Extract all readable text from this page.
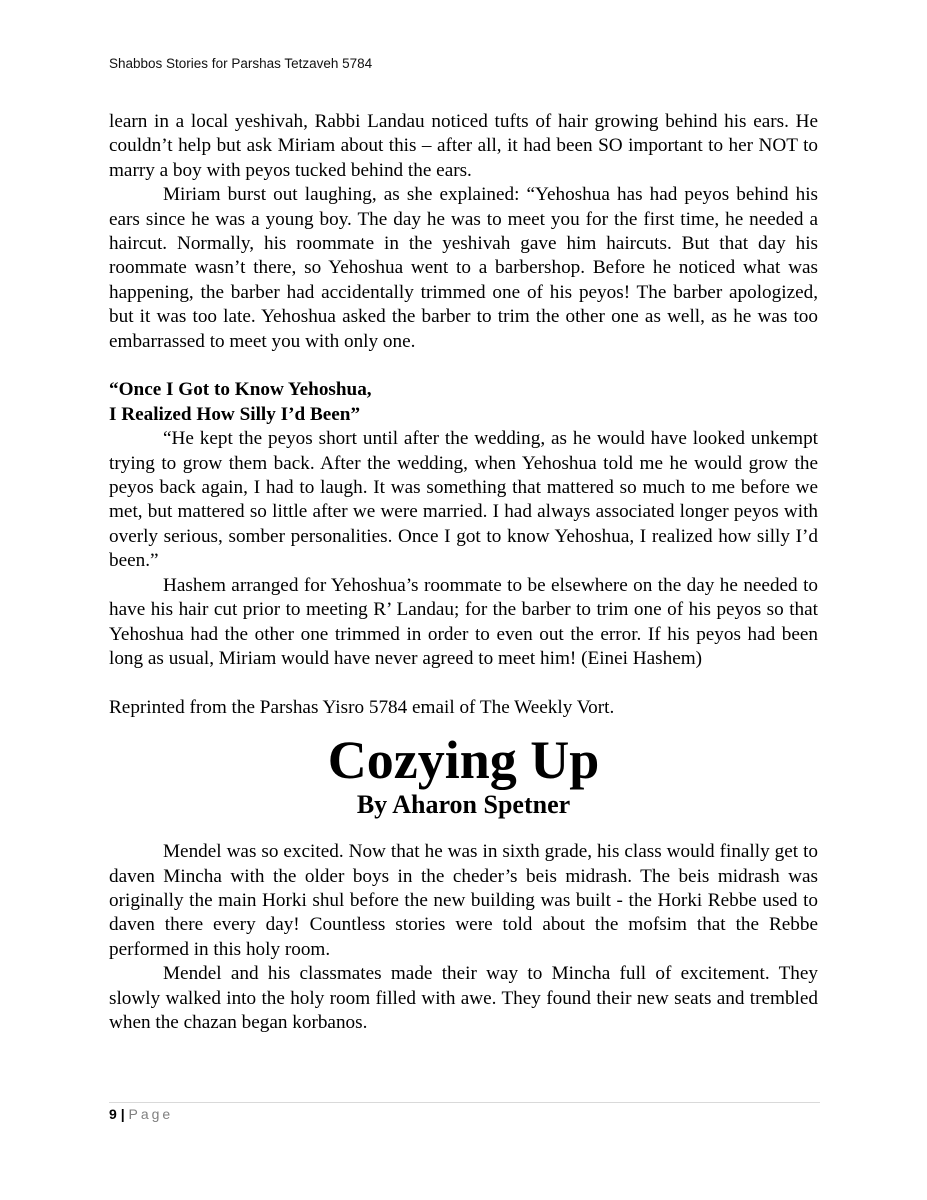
Shabbos Stories for Parshas Tetzaveh 5784

learn in a local yeshivah, Rabbi Landau noticed tufts of hair growing behind his ears. He couldn’t help but ask Miriam about this – after all, it had been SO important to her NOT to marry a boy with peyos tucked behind the ears.

Miriam burst out laughing, as she explained: “Yehoshua has had peyos behind his ears since he was a young boy. The day he was to meet you for the first time, he needed a haircut. Normally, his roommate in the yeshivah gave him haircuts. But that day his roommate wasn’t there, so Yehoshua went to a barbershop. Before he noticed what was happening, the barber had accidentally trimmed one of his peyos! The barber apologized, but it was too late. Yehoshua asked the barber to trim the other one as well, as he was too embarrassed to meet you with only one.

“Once I Got to Know Yehoshua,

I Realized How Silly I’d Been”

“He kept the peyos short until after the wedding, as he would have looked unkempt trying to grow them back. After the wedding, when Yehoshua told me he would grow the peyos back again, I had to laugh. It was something that mattered so much to me before we met, but mattered so little after we were married. I had always associated longer peyos with overly serious, somber personalities. Once I got to know Yehoshua, I realized how silly I’d been.”

Hashem arranged for Yehoshua’s roommate to be elsewhere on the day he needed to have his hair cut prior to meeting R’ Landau; for the barber to trim one of his peyos so that Yehoshua had the other one trimmed in order to even out the error. If his peyos had been long as usual, Miriam would have never agreed to meet him! (Einei Hashem)

Reprinted from the Parshas Yisro 5784 email of The Weekly Vort.

Cozying Up
By Aharon Spetner

Mendel was so excited. Now that he was in sixth grade, his class would finally get to daven Mincha with the older boys in the cheder’s beis midrash. The beis midrash was originally the main Horki shul before the new building was built - the Horki Rebbe used to daven there every day! Countless stories were told about the mofsim that the Rebbe performed in this holy room.

Mendel and his classmates made their way to Mincha full of excitement. They slowly walked into the holy room filled with awe. They found their new seats and trembled when the chazan began korbanos.

9 | Page
